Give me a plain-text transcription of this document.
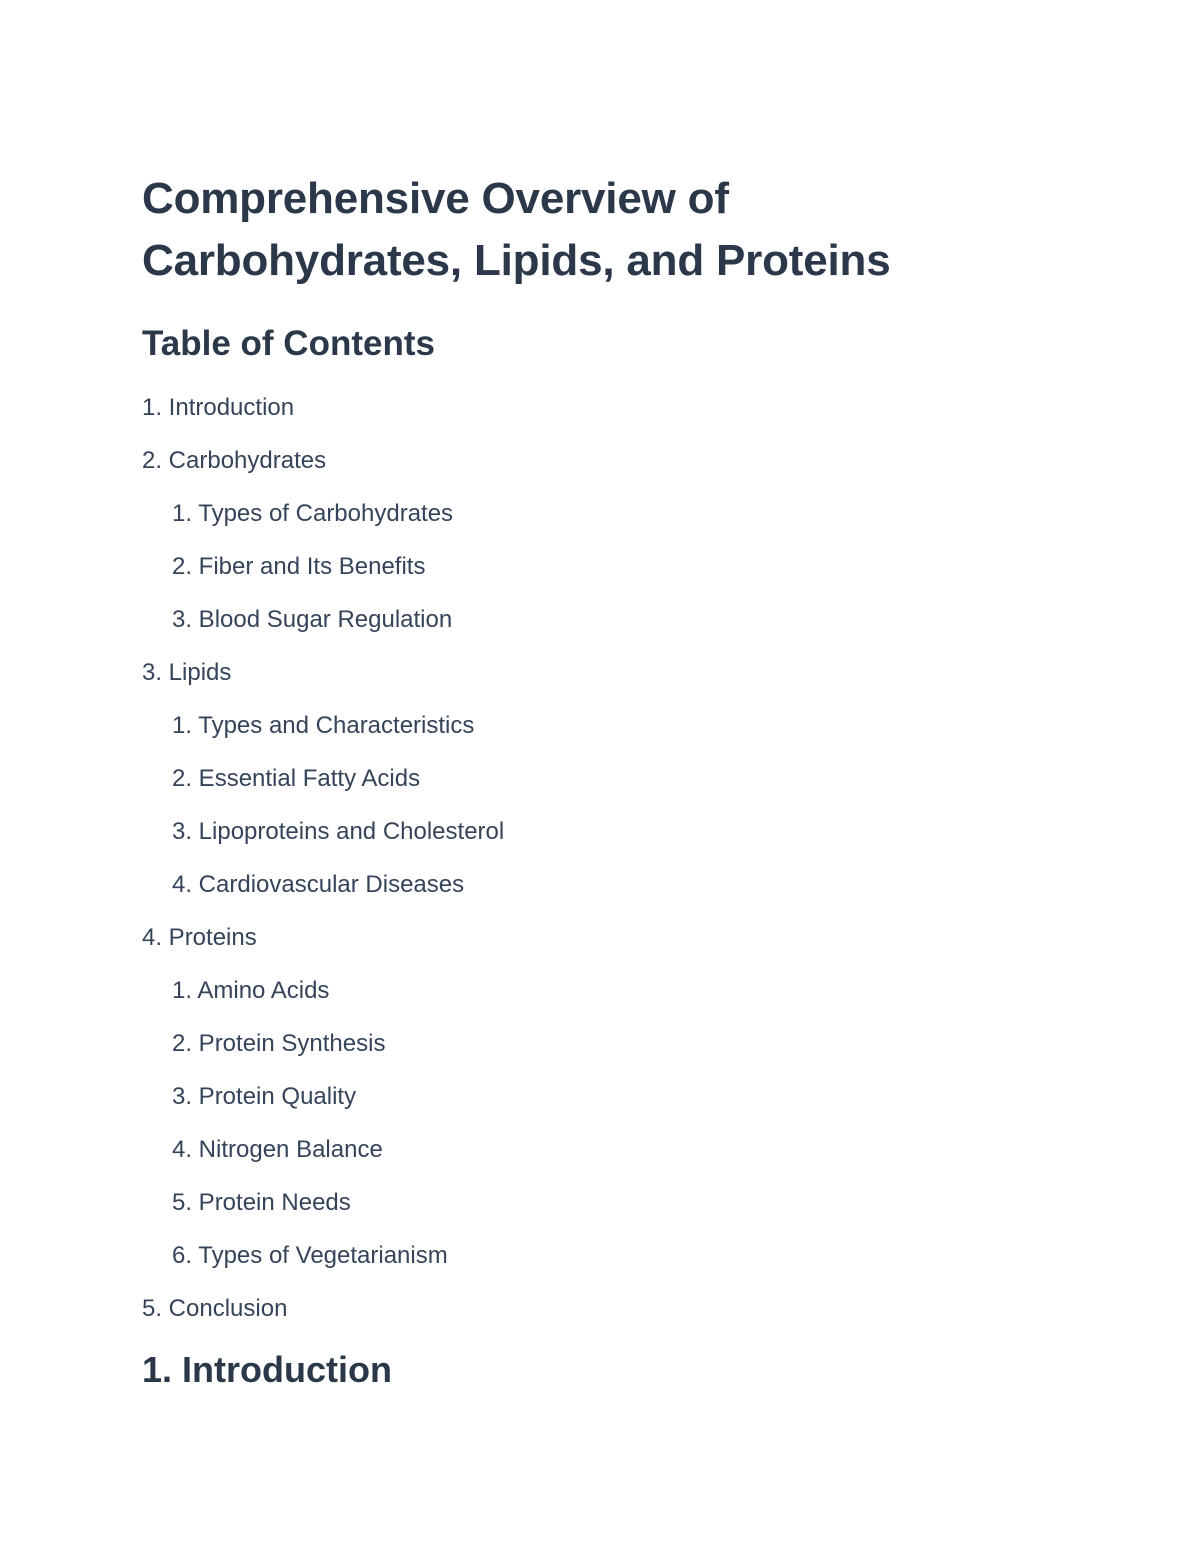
Comprehensive Overview of
Carbohydrates, Lipids, and Proteins
Table of Contents
1. Introduction
2. Carbohydrates
1. Types of Carbohydrates
2. Fiber and Its Benefits
3. Blood Sugar Regulation
3. Lipids
1. Types and Characteristics
2. Essential Fatty Acids
3. Lipoproteins and Cholesterol
4. Cardiovascular Diseases
4. Proteins
1. Amino Acids
2. Protein Synthesis
3. Protein Quality
4. Nitrogen Balance
5. Protein Needs
6. Types of Vegetarianism
5. Conclusion
1. Introduction
